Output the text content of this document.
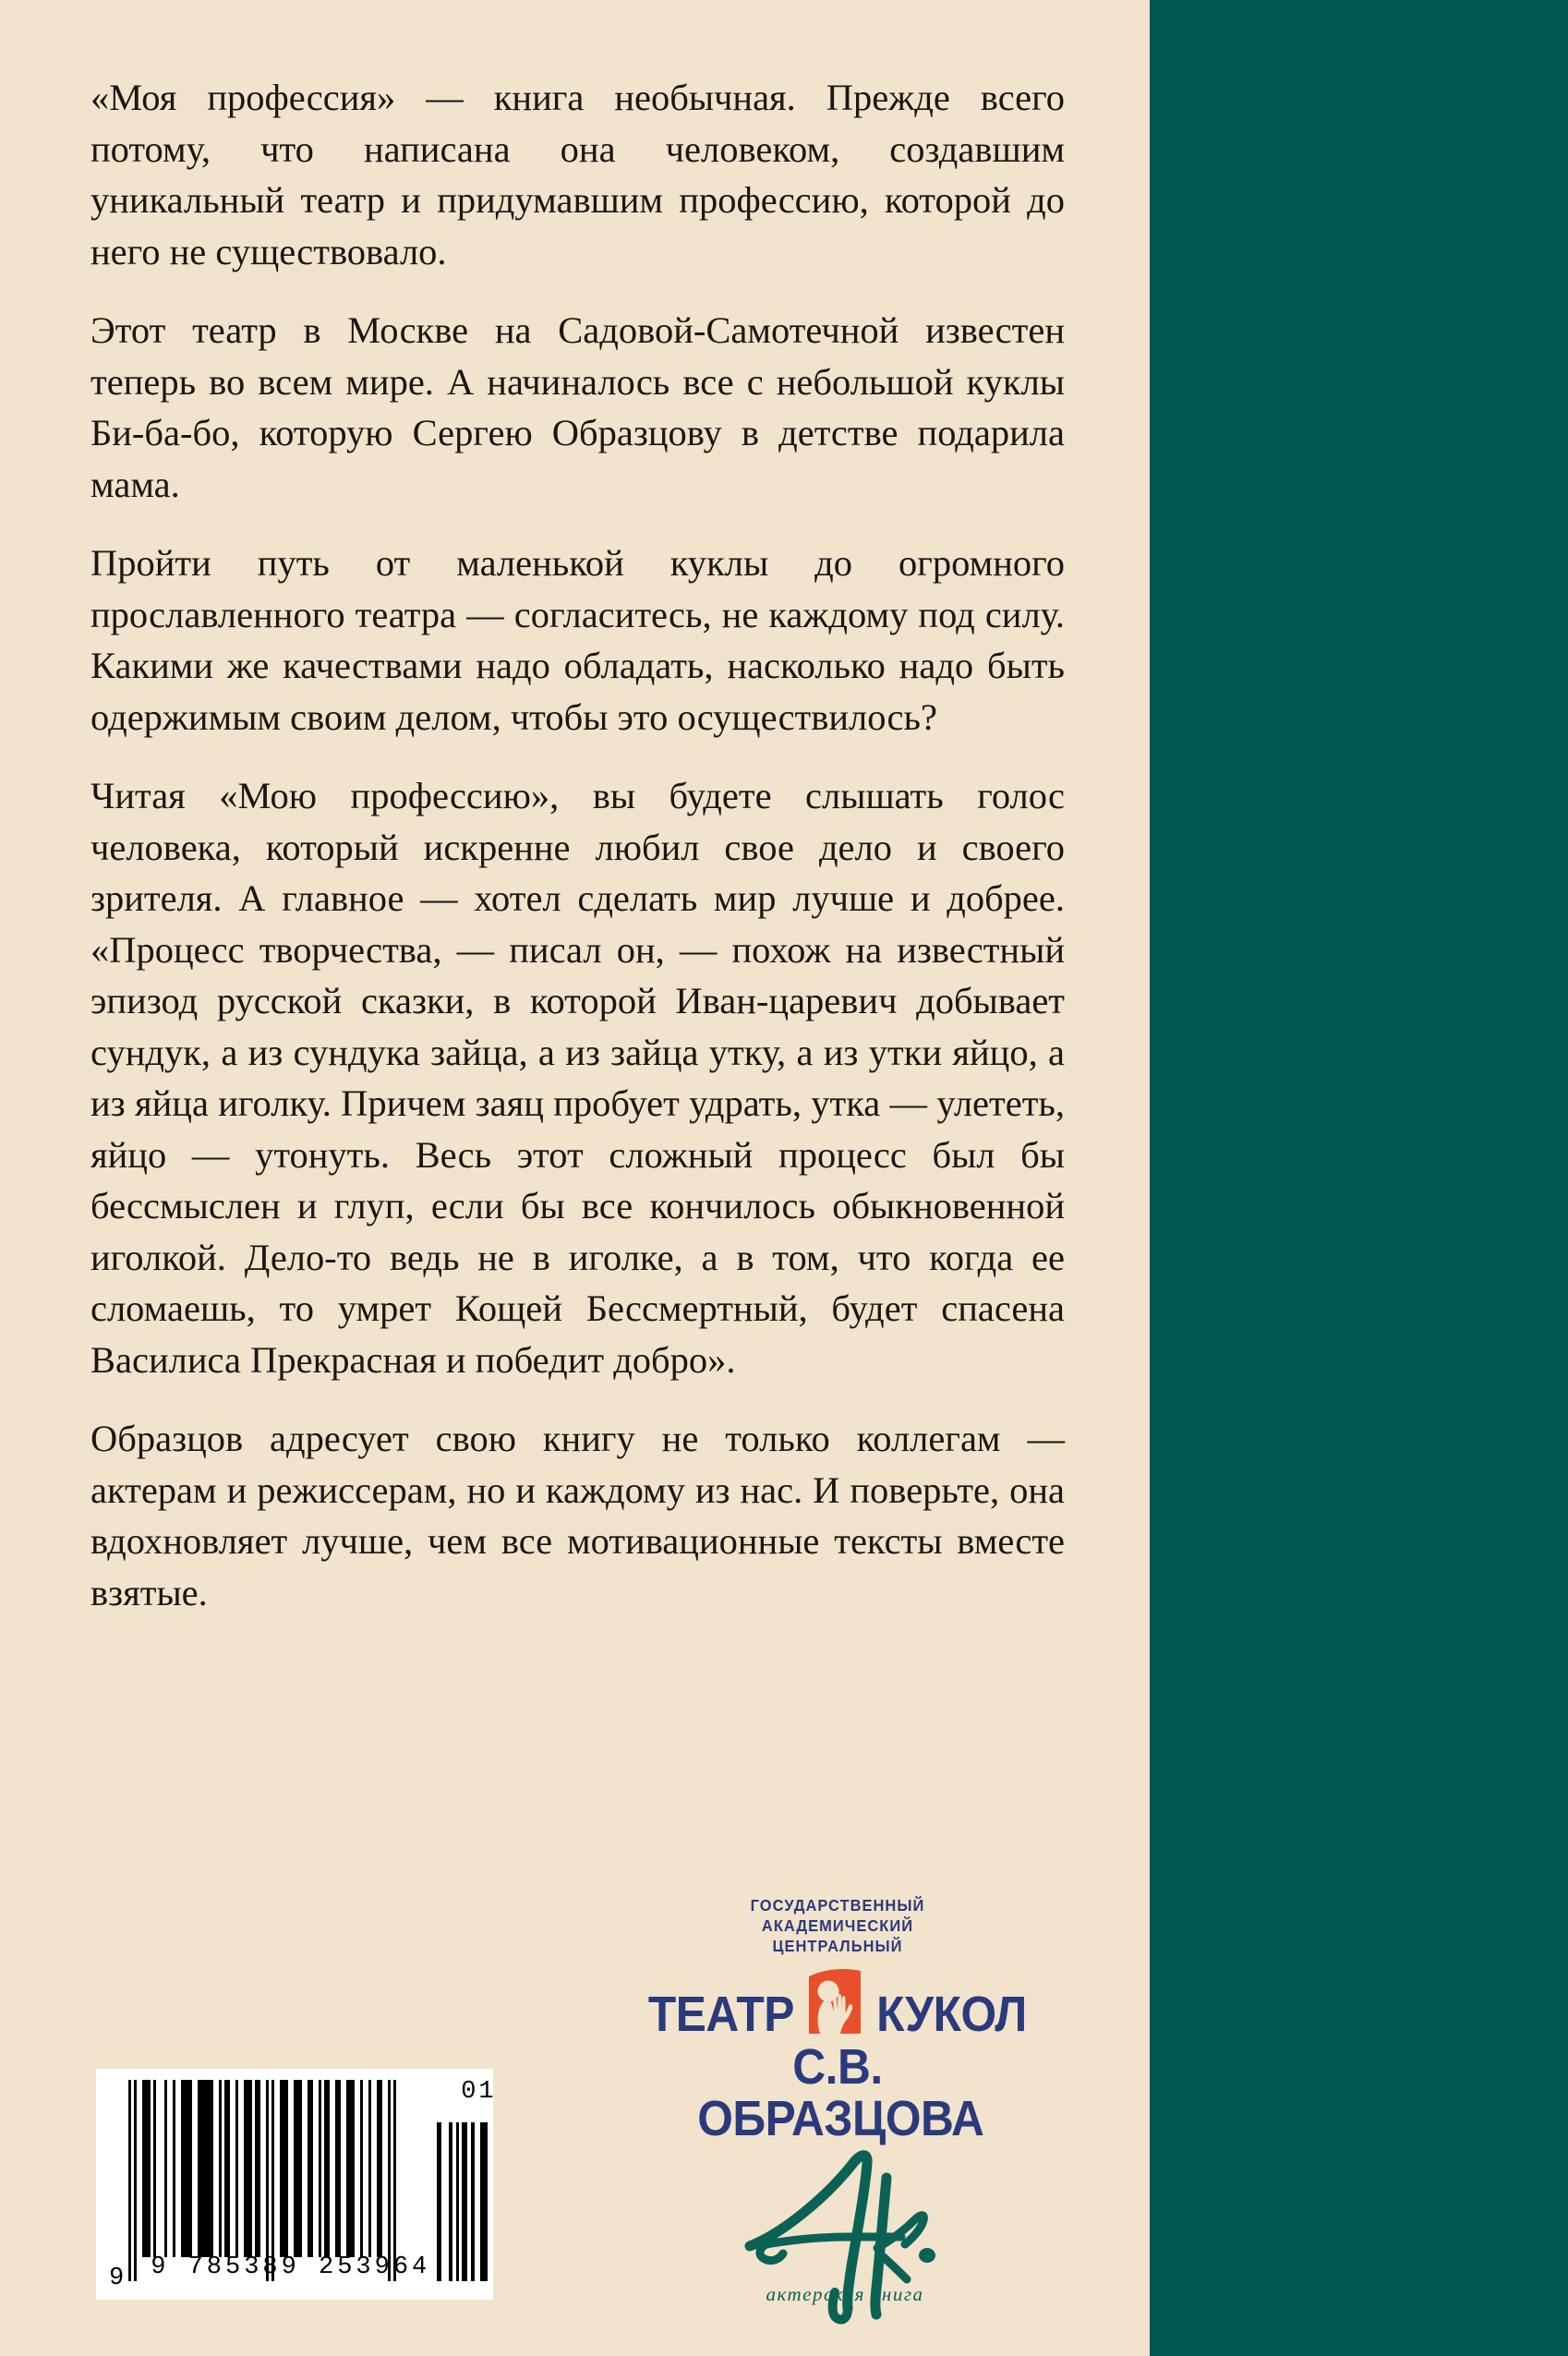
«Моя профессия» — книга необычная. Прежде всего потому, что написана она человеком, создавшим уникальный театр и придумавшим профессию, которой до него не существовало.

Этот театр в Москве на Садовой-Самотечной известен теперь во всем мире. А начиналось все с небольшой куклы Би-ба-бо, которую Сергею Образцову в детстве подарила мама.

Пройти путь от маленькой куклы до огромного прославленного театра — согласитесь, не каждому под силу. Какими же качествами надо обладать, насколько надо быть одержимым своим делом, чтобы это осуществилось?

Читая «Мою профессию», вы будете слышать голос человека, который искренне любил свое дело и своего зрителя. А главное — хотел сделать мир лучше и добрее. «Процесс творчества, — писал он, — похож на известный эпизод русской сказки, в которой Иван-царевич добывает сундук, а из сундука зайца, а из зайца утку, а из утки яйцо, а из яйца иголку. Причем заяц пробует удрать, утка — улететь, яйцо — утонуть. Весь этот сложный процесс был бы бессмыслен и глуп, если бы все кончилось обыкновенной иголкой. Дело-то ведь не в иголке, а в том, что когда ее сломаешь, то умрет Кощей Бессмертный, будет спасена Василиса Прекрасная и победит добро».

Образцов адресует свою книгу не только коллегам — актерам и режиссерам, но и каждому из нас. И поверьте, она вдохновляет лучше, чем все мотивационные тексты вместе взятые.

ГОСУДАРСТВЕННЫЙ
АКАДЕМИЧЕСКИЙ ЦЕНТРАЛЬНЫЙ
ТЕАТР КУКОЛ
С.В. ОБРАЗЦОВА
актерская книга
9 9 785389 253964
01
